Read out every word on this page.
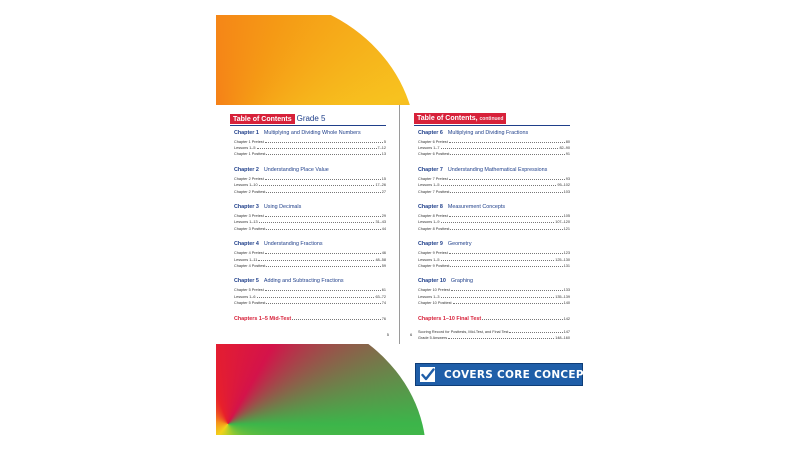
Table of Contents Grade 5
Chapter 1 Multiplying and Dividing Whole Numbers
Chapter 1 Pretest	5
Lessons 1–5	7–12
Chapter 1 Posttest	13
Chapter 2 Understanding Place Value
Chapter 2 Pretest	15
Lessons 1–10	17–26
Chapter 2 Posttest	27
Chapter 3 Using Decimals
Chapter 3 Pretest	29
Lessons 1–13	31–43
Chapter 3 Posttest	44
Chapter 4 Understanding Fractions
Chapter 4 Pretest	46
Lessons 1–11	48–58
Chapter 4 Posttest	59
Chapter 5 Adding and Subtracting Fractions
Chapter 5 Pretest	61
Lessons 1–6	63–72
Chapter 5 Posttest	74
Chapters 1–5 Mid-Test	76
5
Table of Contents, continued
Chapter 6 Multiplying and Dividing Fractions
Chapter 6 Pretest	80
Lessons 1–7	82–90
Chapter 6 Posttest	91
Chapter 7 Understanding Mathematical Expressions
Chapter 7 Pretest	93
Lessons 1–5	95–102
Chapter 7 Posttest	103
Chapter 8 Measurement Concepts
Chapter 8 Pretest	105
Lessons 1–9	107–120
Chapter 8 Posttest	121
Chapter 9 Geometry
Chapter 9 Pretest	123
Lessons 1–5	125–130
Chapter 9 Posttest	131
Chapter 10 Graphing
Chapter 10 Pretest	133
Lessons 1–3	135–139
Chapter 10 Posttest	140
Chapters 1–10 Final Test	142
Scoring Record for Posttests, Mid-Test, and Final Test	147
Grade 5 Answers	148–160
6
COVERS CORE CONCEPTS
